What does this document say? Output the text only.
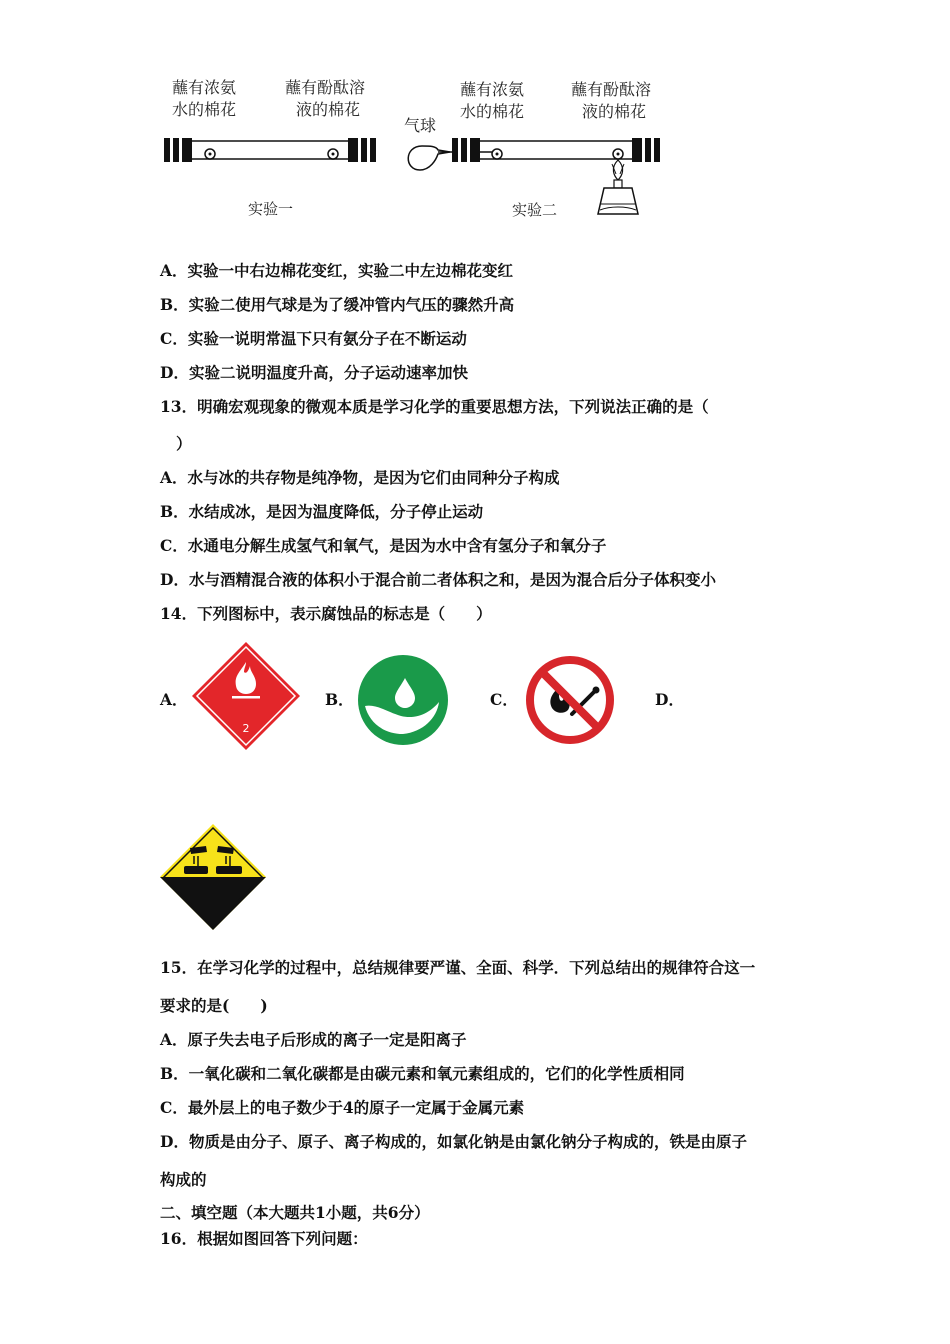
蘸有浓氨
水的棉花
蘸有酚酞溶
液的棉花
实验一
蘸有浓氨
水的棉花
蘸有酚酞溶
液的棉花
气球
实验二
A．实验一中右边棉花变红，实验二中左边棉花变红
B．实验二使用气球是为了缓冲管内气压的骤然升高
C．实验一说明常温下只有氨分子在不断运动
D．实验二说明温度升高，分子运动速率加快
13．明确宏观现象的微观本质是学习化学的重要思想方法，下列说法正确的是（
）
A．水与冰的共存物是纯净物，是因为它们由同种分子构成
B．水结成冰，是因为温度降低，分子停止运动
C．水通电分解生成氢气和氧气，是因为水中含有氢分子和氧分子
D．水与酒精混合液的体积小于混合前二者体积之和，是因为混合后分子体积变小
14．下列图标中，表示腐蚀品的标志是（　　）
A．
2
B．	C．	D．
15．在学习化学的过程中，总结规律要严谨、全面、科学．下列总结出的规律符合这一
要求的是(　　)
A．原子失去电子后形成的离子一定是阳离子
B．一氧化碳和二氧化碳都是由碳元素和氧元素组成的，它们的化学性质相同
C．最外层上的电子数少于4的原子一定属于金属元素
D．物质是由分子、原子、离子构成的，如氯化钠是由氯化钠分子构成的，铁是由原子
构成的
二、填空题（本大题共1小题，共6分）
16．根据如图回答下列问题：
